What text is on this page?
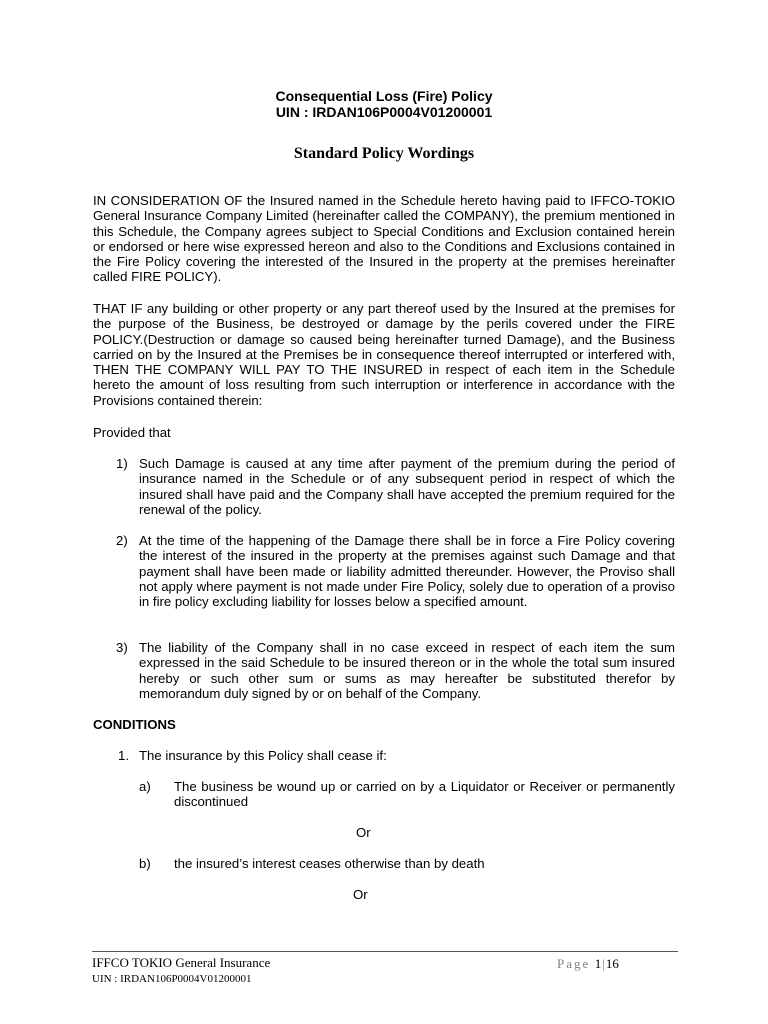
Consequential Loss (Fire) Policy
UIN : IRDAN106P0004V01200001
Standard Policy Wordings
IN CONSIDERATION OF the Insured named in the Schedule hereto having paid to IFFCO-TOKIO General Insurance Company Limited (hereinafter called the COMPANY), the premium mentioned in this Schedule, the Company agrees subject to Special Conditions and Exclusion contained herein or endorsed or here wise expressed hereon and also to the Conditions and Exclusions contained in the Fire Policy covering the interested of the Insured in the property at the premises hereinafter called FIRE POLICY).
THAT IF any building or other property or any part thereof used by the Insured at the premises for the purpose of the Business, be destroyed or damage by the perils covered under the FIRE POLICY.(Destruction or damage so caused being hereinafter turned Damage), and the Business carried on by the Insured at the Premises be in consequence thereof interrupted or interfered with, THEN THE COMPANY WILL PAY TO THE INSURED in respect of each item in the Schedule hereto the amount of loss resulting from such interruption or interference in accordance with the Provisions contained therein:
Provided that
1) Such Damage is caused at any time after payment of the premium during the period of insurance named in the Schedule or of any subsequent period in respect of which the insured shall have paid and the Company shall have accepted the premium required for the renewal of the policy.
2) At the time of the happening of the Damage there shall be in force a Fire Policy covering the interest of the insured in the property at the premises against such Damage and that payment shall have been made or liability admitted thereunder. However, the Proviso shall not apply where payment is not made under Fire Policy, solely due to operation of a proviso in fire policy excluding liability for losses below a specified amount.
3) The liability of the Company shall in no case exceed in respect of each item the sum expressed in the said Schedule to be insured thereon or in the whole the total sum insured hereby or such other sum or sums as may hereafter be substituted therefor by memorandum duly signed by or on behalf of the Company.
CONDITIONS
1. The insurance by this Policy shall cease if:
a) The business be wound up or carried on by a Liquidator or Receiver or permanently discontinued
Or
b) the insured’s interest ceases otherwise than by death
Or
IFFCO TOKIO General Insurance
UIN : IRDAN106P0004V01200001
Page 1|16
